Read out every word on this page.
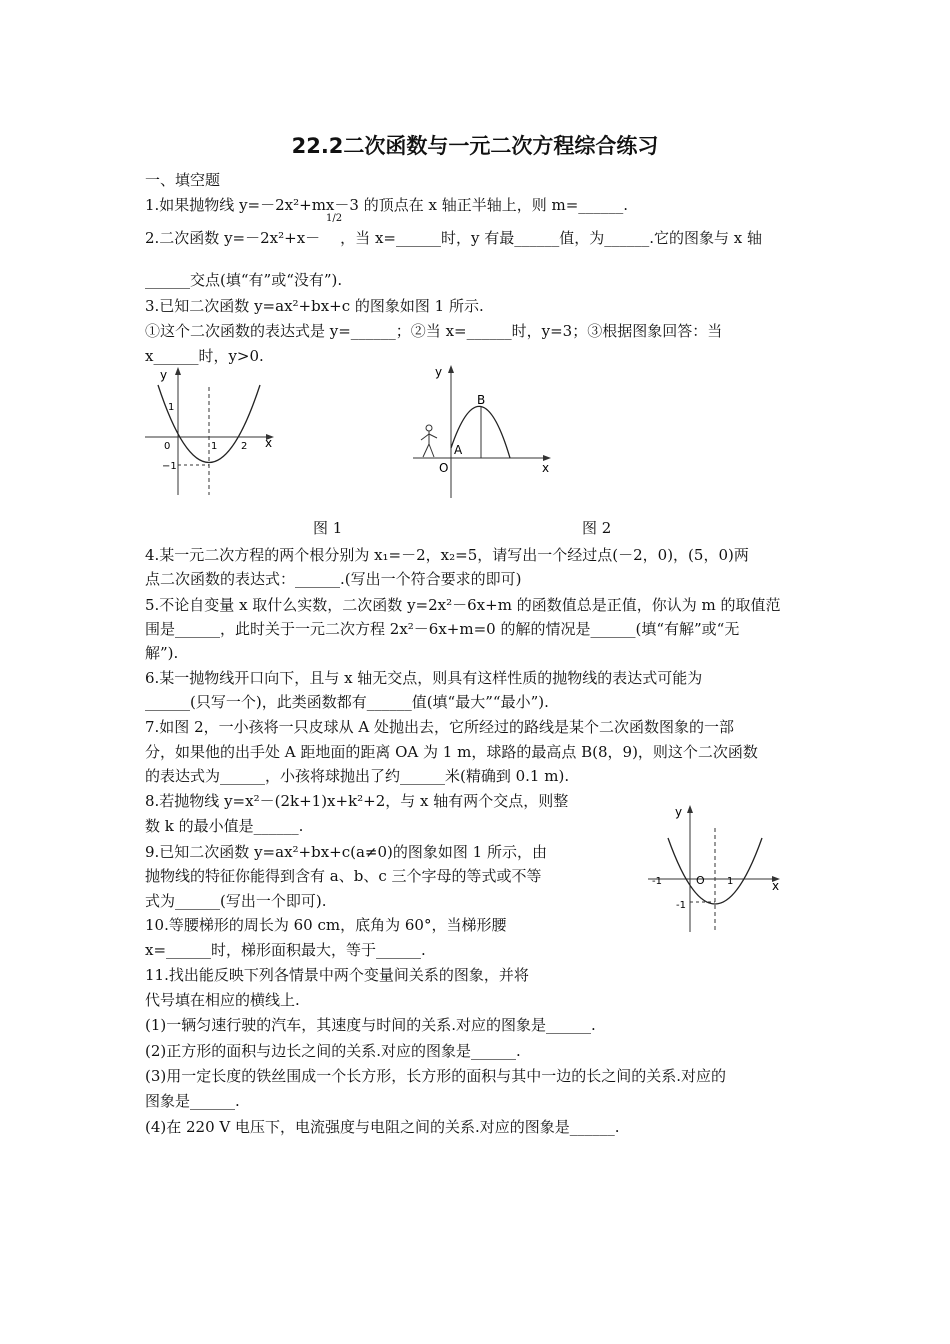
22.2二次函数与一元二次方程综合练习
一、填空题
1.如果抛物线 y=－2x²+mx－3 的顶点在 x 轴正半轴上，则 m=______.
2.二次函数 y=－2x²+x－ ，当 x=______时，y 有最______值，为______.它的图象与 x 轴
1/2
______交点(填“有”或“没有”).
3.已知二次函数 y=ax²+bx+c 的图象如图 1 所示.
①这个二次函数的表达式是 y=______；②当 x=______时，y=3；③根据图象回答：当
x______时，y>0.
y
x
0	1 2
1
−1
图 1
y
x
O
A
B
图 2
4.某一元二次方程的两个根分别为 x₁=－2，x₂=5，请写出一个经过点(－2，0)，(5，0)两
点二次函数的表达式：______.(写出一个符合要求的即可)
5.不论自变量 x 取什么实数，二次函数 y=2x²－6x+m 的函数值总是正值，你认为 m 的取值范
围是______，此时关于一元二次方程 2x²－6x+m=0 的解的情况是______(填“有解”或“无
解”).
6.某一抛物线开口向下，且与 x 轴无交点，则具有这样性质的抛物线的表达式可能为
______(只写一个)，此类函数都有______值(填“最大”“最小”).
7.如图 2，一小孩将一只皮球从 A 处抛出去，它所经过的路线是某个二次函数图象的一部
分，如果他的出手处 A 距地面的距离 OA 为 1 m，球路的最高点 B(8，9)，则这个二次函数
的表达式为______，小孩将球抛出了约______米(精确到 0.1 m).
8.若抛物线 y=x²－(2k+1)x+k²+2，与 x 轴有两个交点，则整
数 k 的最小值是______.
9.已知二次函数 y=ax²+bx+c(a≠0)的图象如图 1 所示，由
抛物线的特征你能得到含有 a、b、c 三个字母的等式或不等
式为______(写出一个即可).
10.等腰梯形的周长为 60 cm，底角为 60°，当梯形腰
x=______时，梯形面积最大，等于______.
11.找出能反映下列各情景中两个变量间关系的图象，并将
代号填在相应的横线上.
(1)一辆匀速行驶的汽车，其速度与时间的关系.对应的图象是______.
(2)正方形的面积与边长之间的关系.对应的图象是______.
(3)用一定长度的铁丝围成一个长方形，长方形的面积与其中一边的长之间的关系.对应的
图象是______.
(4)在 220 V 电压下，电流强度与电阻之间的关系.对应的图象是______.
y
x
O
-1	1
-1
